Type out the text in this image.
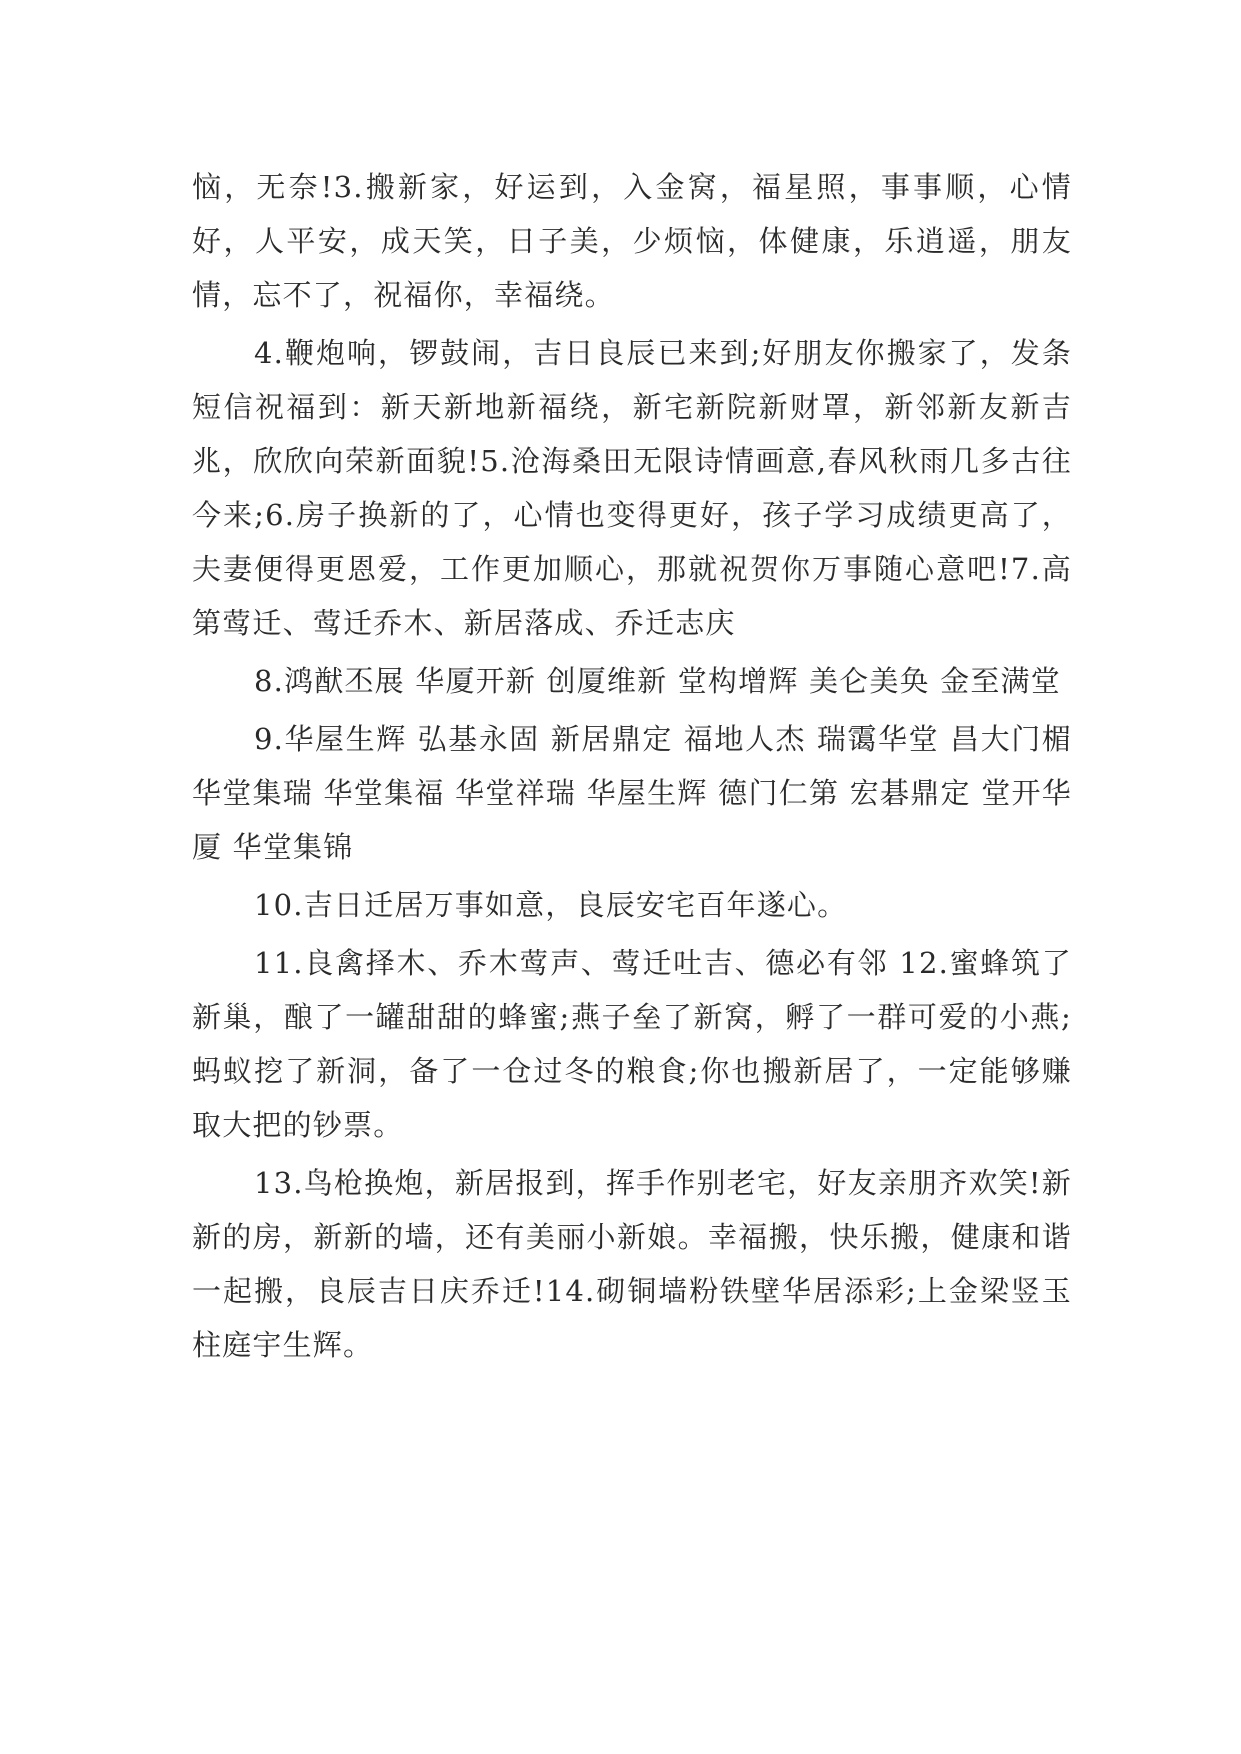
恼，无奈!3.搬新家，好运到，入金窝，福星照，事事顺，心情好，人平安，成天笑，日子美，少烦恼，体健康，乐逍遥，朋友情，忘不了，祝福你，幸福绕。

4.鞭炮响，锣鼓闹，吉日良辰已来到;好朋友你搬家了，发条短信祝福到：新天新地新福绕，新宅新院新财罩，新邻新友新吉兆，欣欣向荣新面貌!5.沧海桑田无限诗情画意,春风秋雨几多古往今来;6.房子换新的了，心情也变得更好，孩子学习成绩更高了，夫妻便得更恩爱，工作更加顺心，那就祝贺你万事随心意吧!7.高第莺迁、莺迁乔木、新居落成、乔迁志庆

8.鸿猷丕展 华厦开新 创厦维新 堂构增辉 美仑美奂 金至满堂

9.华屋生辉 弘基永固 新居鼎定 福地人杰 瑞霭华堂 昌大门楣 华堂集瑞 华堂集福 华堂祥瑞 华屋生辉 德门仁第 宏碁鼎定 堂开华厦 华堂集锦

10.吉日迁居万事如意，良辰安宅百年遂心。

11.良禽择木、乔木莺声、莺迁吐吉、德必有邻 12.蜜蜂筑了新巢，酿了一罐甜甜的蜂蜜;燕子垒了新窝，孵了一群可爱的小燕;蚂蚁挖了新洞，备了一仓过冬的粮食;你也搬新居了，一定能够赚取大把的钞票。

13.鸟枪换炮，新居报到，挥手作别老宅，好友亲朋齐欢笑!新新的房，新新的墙，还有美丽小新娘。幸福搬，快乐搬，健康和谐一起搬，良辰吉日庆乔迁!14.砌铜墙粉铁壁华居添彩;上金梁竖玉柱庭宇生辉。
